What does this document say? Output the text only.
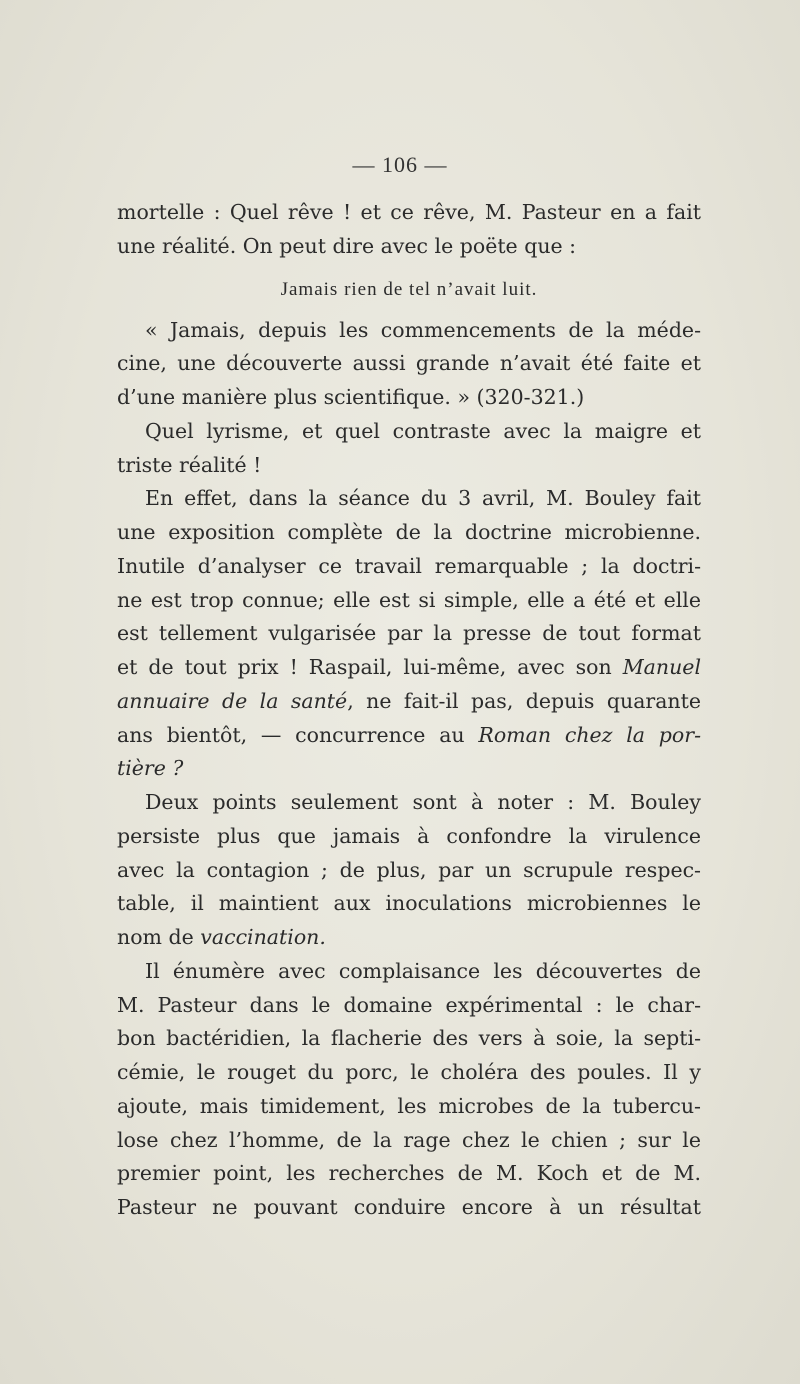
— 106 —
mortelle : Quel rêve ! et ce rêve, M. Pasteur en a fait
une réalité. On peut dire avec le poëte que :
Jamais rien de tel n’avait luit.
« Jamais, depuis les commencements de la méde-
cine, une découverte aussi grande n’avait été faite et
d’une manière plus scientifique. » (320-321.)
Quel lyrisme, et quel contraste avec la maigre et
triste réalité !
En effet, dans la séance du 3 avril, M. Bouley fait
une exposition complète de la doctrine microbienne.
Inutile d’analyser ce travail remarquable ; la doctri-
ne est trop connue; elle est si simple, elle a été et elle
est tellement vulgarisée par la presse de tout format
et de tout prix ! Raspail, lui-même, avec son Manuel
annuaire de la santé, ne fait-il pas, depuis quarante
ans bientôt, — concurrence au Roman chez la por-
tière ?
Deux points seulement sont à noter : M. Bouley
persiste plus que jamais à confondre la virulence
avec la contagion ; de plus, par un scrupule respec-
table, il maintient aux inoculations microbiennes le
nom de vaccination.
Il énumère avec complaisance les découvertes de
M. Pasteur dans le domaine expérimental : le char-
bon bactéridien, la flacherie des vers à soie, la septi-
cémie, le rouget du porc, le choléra des poules. Il y
ajoute, mais timidement, les microbes de la tubercu-
lose chez l’homme, de la rage chez le chien ; sur le
premier point, les recherches de M. Koch et de M.
Pasteur ne pouvant conduire encore à un résultat
